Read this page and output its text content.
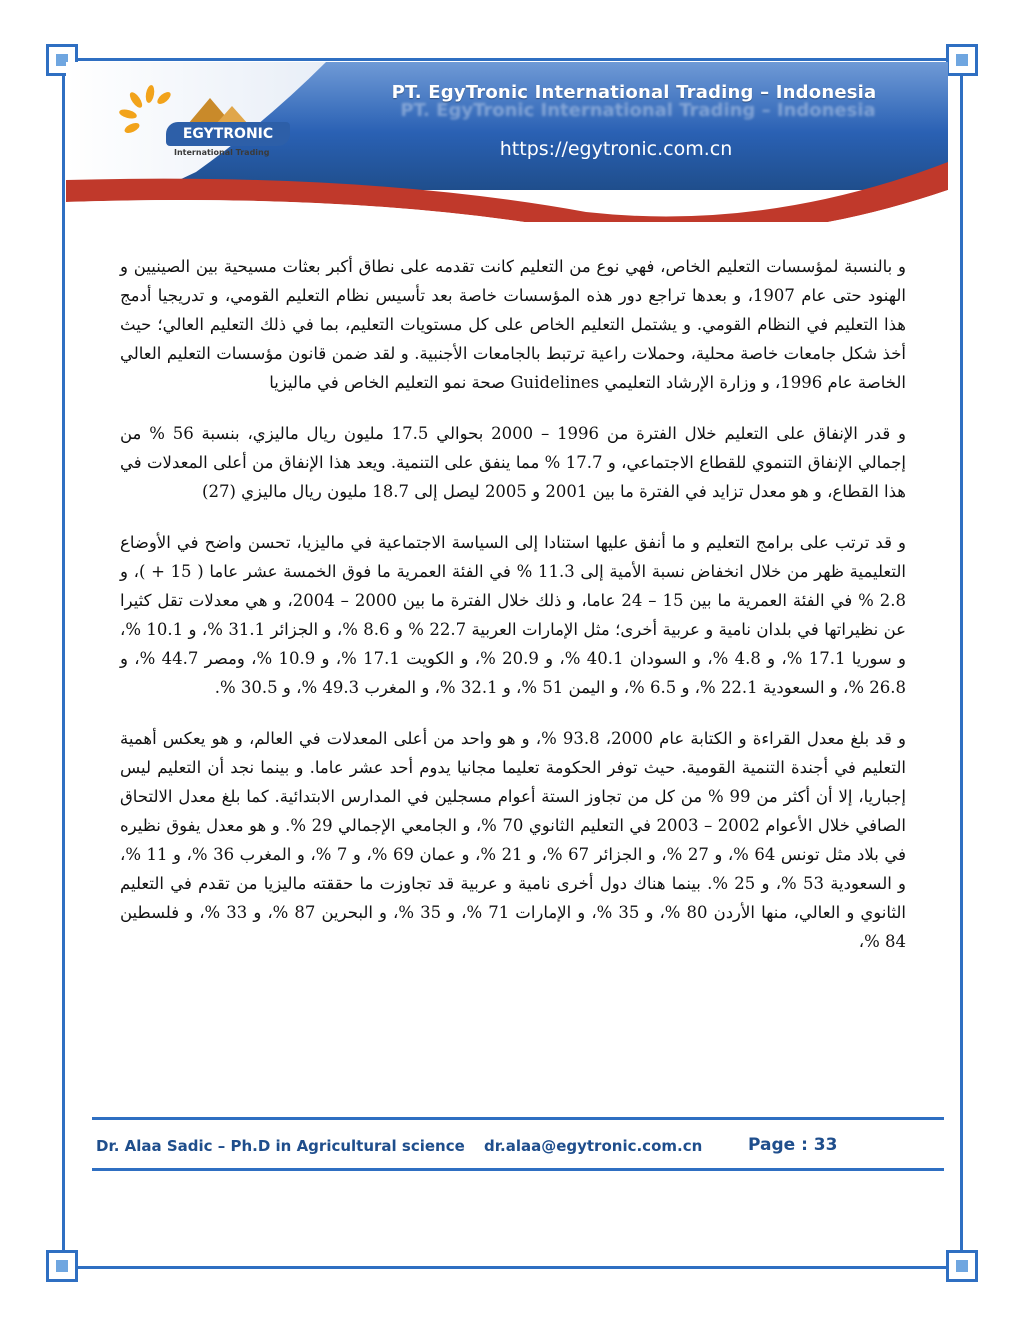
PT. EgyTronic International Trading – Indonesia
PT. EgyTronic International Trading – Indonesia
https://egytronic.com.cn
EGYTRONIC
International Trading

و بالنسبة لمؤسسات التعليم الخاص، فهي نوع من التعليم كانت تقدمه على نطاق أكبر بعثات مسيحية بين الصينيين و الهنود حتى عام 1907، و بعدها تراجع دور هذه المؤسسات خاصة بعد تأسيس نظام التعليم القومي، و تدريجيا أدمج هذا التعليم في النظام القومي. و يشتمل التعليم الخاص على كل مستويات التعليم، بما في ذلك التعليم العالي؛ حيث أخذ شكل جامعات خاصة محلية، وحملات راعية ترتبط بالجامعات الأجنبية. و لقد ضمن قانون مؤسسات التعليم العالي الخاصة عام 1996، و وزارة الإرشاد التعليمي Guidelines صحة نمو التعليم الخاص في ماليزيا

و قدر الإنفاق على التعليم خلال الفترة من 1996 – 2000 بحوالي 17.5 مليون ريال ماليزي، بنسبة 56 % من إجمالي الإنفاق التنموي للقطاع الاجتماعي، و 17.7 % مما ينفق على التنمية. ويعد هذا الإنفاق من أعلى المعدلات في هذا القطاع، و هو معدل تزايد في الفترة ما بين 2001 و 2005 ليصل إلى 18.7 مليون ريال ماليزي (27)

و قد ترتب على برامج التعليم و ما أنفق عليها استنادا إلى السياسة الاجتماعية في ماليزيا، تحسن واضح في الأوضاع التعليمية ظهر من خلال انخفاض نسبة الأمية إلى 11.3 % في الفئة العمرية ما فوق الخمسة عشر عاما ( 15 + )، و 2.8 % في الفئة العمرية ما بين 15 – 24 عاما، و ذلك خلال الفترة ما بين 2000 – 2004، و هي معدلات تقل كثيرا عن نظيراتها في بلدان نامية و عربية أخرى؛ مثل الإمارات العربية 22.7 % و 8.6 %، و الجزائر 31.1 %، و 10.1 %، و سوريا 17.1 %، و 4.8 %، و السودان 40.1 %، و 20.9 %، و الكويت 17.1 %، و 10.9 %، ومصر 44.7 %، و 26.8 %، و السعودية 22.1 %، و 6.5 %، و اليمن 51 %، و 32.1 %، و المغرب 49.3 %، و 30.5 %.

و قد بلغ معدل القراءة و الكتابة عام 2000، 93.8 %، و هو واحد من أعلى المعدلات في العالم، و هو يعكس أهمية التعليم في أجندة التنمية القومية. حيث توفر الحكومة تعليما مجانيا يدوم أحد عشر عاما. و بينما نجد أن التعليم ليس إجباريا، إلا أن أكثر من 99 % من كل من تجاوز الستة أعوام مسجلين في المدارس الابتدائية. كما بلغ معدل الالتحاق الصافي خلال الأعوام 2002 – 2003 في التعليم الثانوي 70 %، و الجامعي الإجمالي 29 %. و هو معدل يفوق نظيره في بلاد مثل تونس 64 %، و 27 %، و الجزائر 67 %، و 21 %، و عمان 69 %، و 7 %، و المغرب 36 %، و 11 %، و السعودية 53 %، و 25 %. بينما هناك دول أخرى نامية و عربية قد تجاوزت ما حققته ماليزيا من تقدم في التعليم الثانوي و العالي، منها الأردن 80 %، و 35 %، و الإمارات 71 %، و 35 %، و البحرين 87 %، و 33 %، و فلسطين 84 %،

Dr. Alaa Sadic – Ph.D in Agricultural science dr.alaa@egytronic.com.cn	Page : 33
